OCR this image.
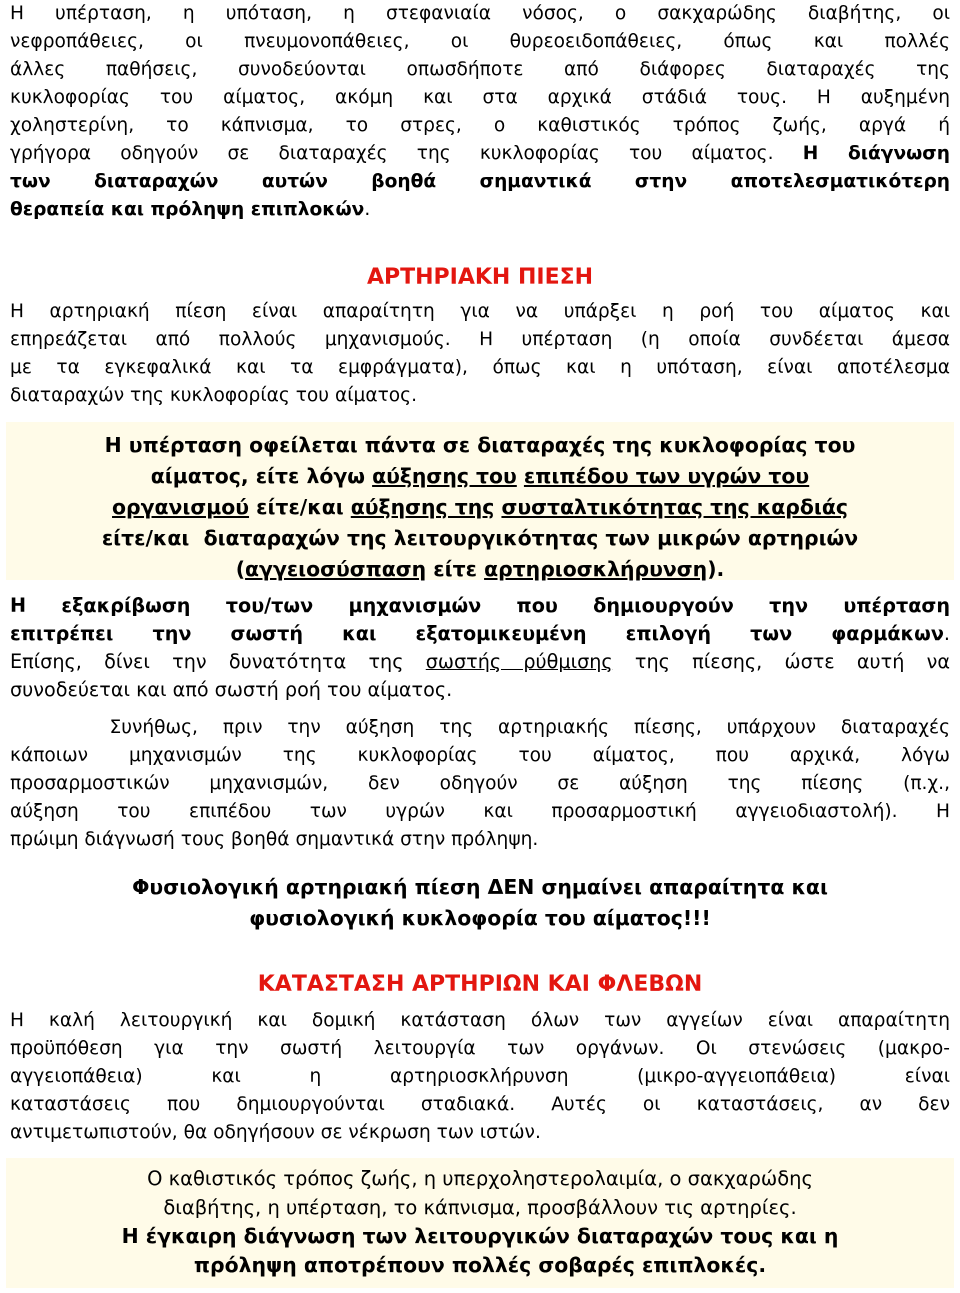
Η υπέρταση, η υπόταση, η στεφανιαία νόσος, ο σακχαρώδης διαβήτης, οι
νεφροπάθειες, οι πνευμονοπάθειες, οι θυρεοειδοπάθειες, όπως και πολλές
άλλες παθήσεις, συνοδεύονται οπωσδήποτε από διάφορες διαταραχές της
κυκλοφορίας του αίματος, ακόμη και στα αρχικά στάδιά τους. Η αυξημένη
χοληστερίνη, το κάπνισμα, το στρες, ο καθιστικός τρόπος ζωής, αργά ή
γρήγορα οδηγούν σε διαταραχές της κυκλοφορίας του αίματος. Η διάγνωση
των διαταραχών αυτών βοηθά σημαντικά στην αποτελεσματικότερη
θεραπεία και πρόληψη επιπλοκών.
ΑΡΤΗΡΙΑΚΗ ΠΙΕΣΗ
Η αρτηριακή πίεση είναι απαραίτητη για να υπάρξει η ροή του αίματος και
επηρεάζεται από πολλούς μηχανισμούς. Η υπέρταση (η οποία συνδέεται άμεσα
με τα εγκεφαλικά και τα εμφράγματα), όπως και η υπόταση, είναι αποτέλεσμα
διαταραχών της κυκλοφορίας του αίματος.
Η υπέρταση οφείλεται πάντα σε διαταραχές της κυκλοφορίας του
αίματος, είτε λόγω αύξησης του επιπέδου των υγρών του
οργανισμού είτε/και αύξησης της συσταλτικότητας της καρδιάς
είτε/και  διαταραχών της λειτουργικότητας των μικρών αρτηριών
(αγγειοσύσπαση είτε αρτηριοσκλήρυνση).
Η εξακρίβωση του/των μηχανισμών που δημιουργούν την υπέρταση
επιτρέπει την σωστή και εξατομικευμένη επιλογή των φαρμάκων.
Επίσης, δίνει την δυνατότητα της σωστής ρύθμισης της πίεσης, ώστε αυτή να
συνοδεύεται και από σωστή ροή του αίματος.
Συνήθως, πριν την αύξηση της αρτηριακής πίεσης, υπάρχουν διαταραχές
κάποιων μηχανισμών της κυκλοφορίας του αίματος, που αρχικά, λόγω
προσαρμοστικών μηχανισμών, δεν οδηγούν σε αύξηση της πίεσης (π.χ.,
αύξηση του επιπέδου των υγρών και προσαρμοστική αγγειοδιαστολή). Η
πρώιμη διάγνωσή τους βοηθά σημαντικά στην πρόληψη.
Φυσιολογική αρτηριακή πίεση ΔΕΝ σημαίνει απαραίτητα και
φυσιολογική κυκλοφορία του αίματος!!!
ΚΑΤΑΣΤΑΣΗ ΑΡΤΗΡΙΩΝ ΚΑΙ ΦΛΕΒΩΝ
Η καλή λειτουργική και δομική κατάσταση όλων των αγγείων είναι απαραίτητη
προϋπόθεση για την σωστή λειτουργία των οργάνων. Οι στενώσεις (μακρο-
αγγειοπάθεια)   και   η   αρτηριοσκλήρυνση   (μικρο-αγγειοπάθεια)   είναι
καταστάσεις που δημιουργούνται σταδιακά. Αυτές οι καταστάσεις, αν δεν
αντιμετωπιστούν, θα οδηγήσουν σε νέκρωση των ιστών.
Ο καθιστικός τρόπος ζωής, η υπερχοληστερολαιμία, ο σακχαρώδης
διαβήτης, η υπέρταση, το κάπνισμα, προσβάλλουν τις αρτηρίες.
Η έγκαιρη διάγνωση των λειτουργικών διαταραχών τους και η
πρόληψη αποτρέπουν πολλές σοβαρές επιπλοκές.
